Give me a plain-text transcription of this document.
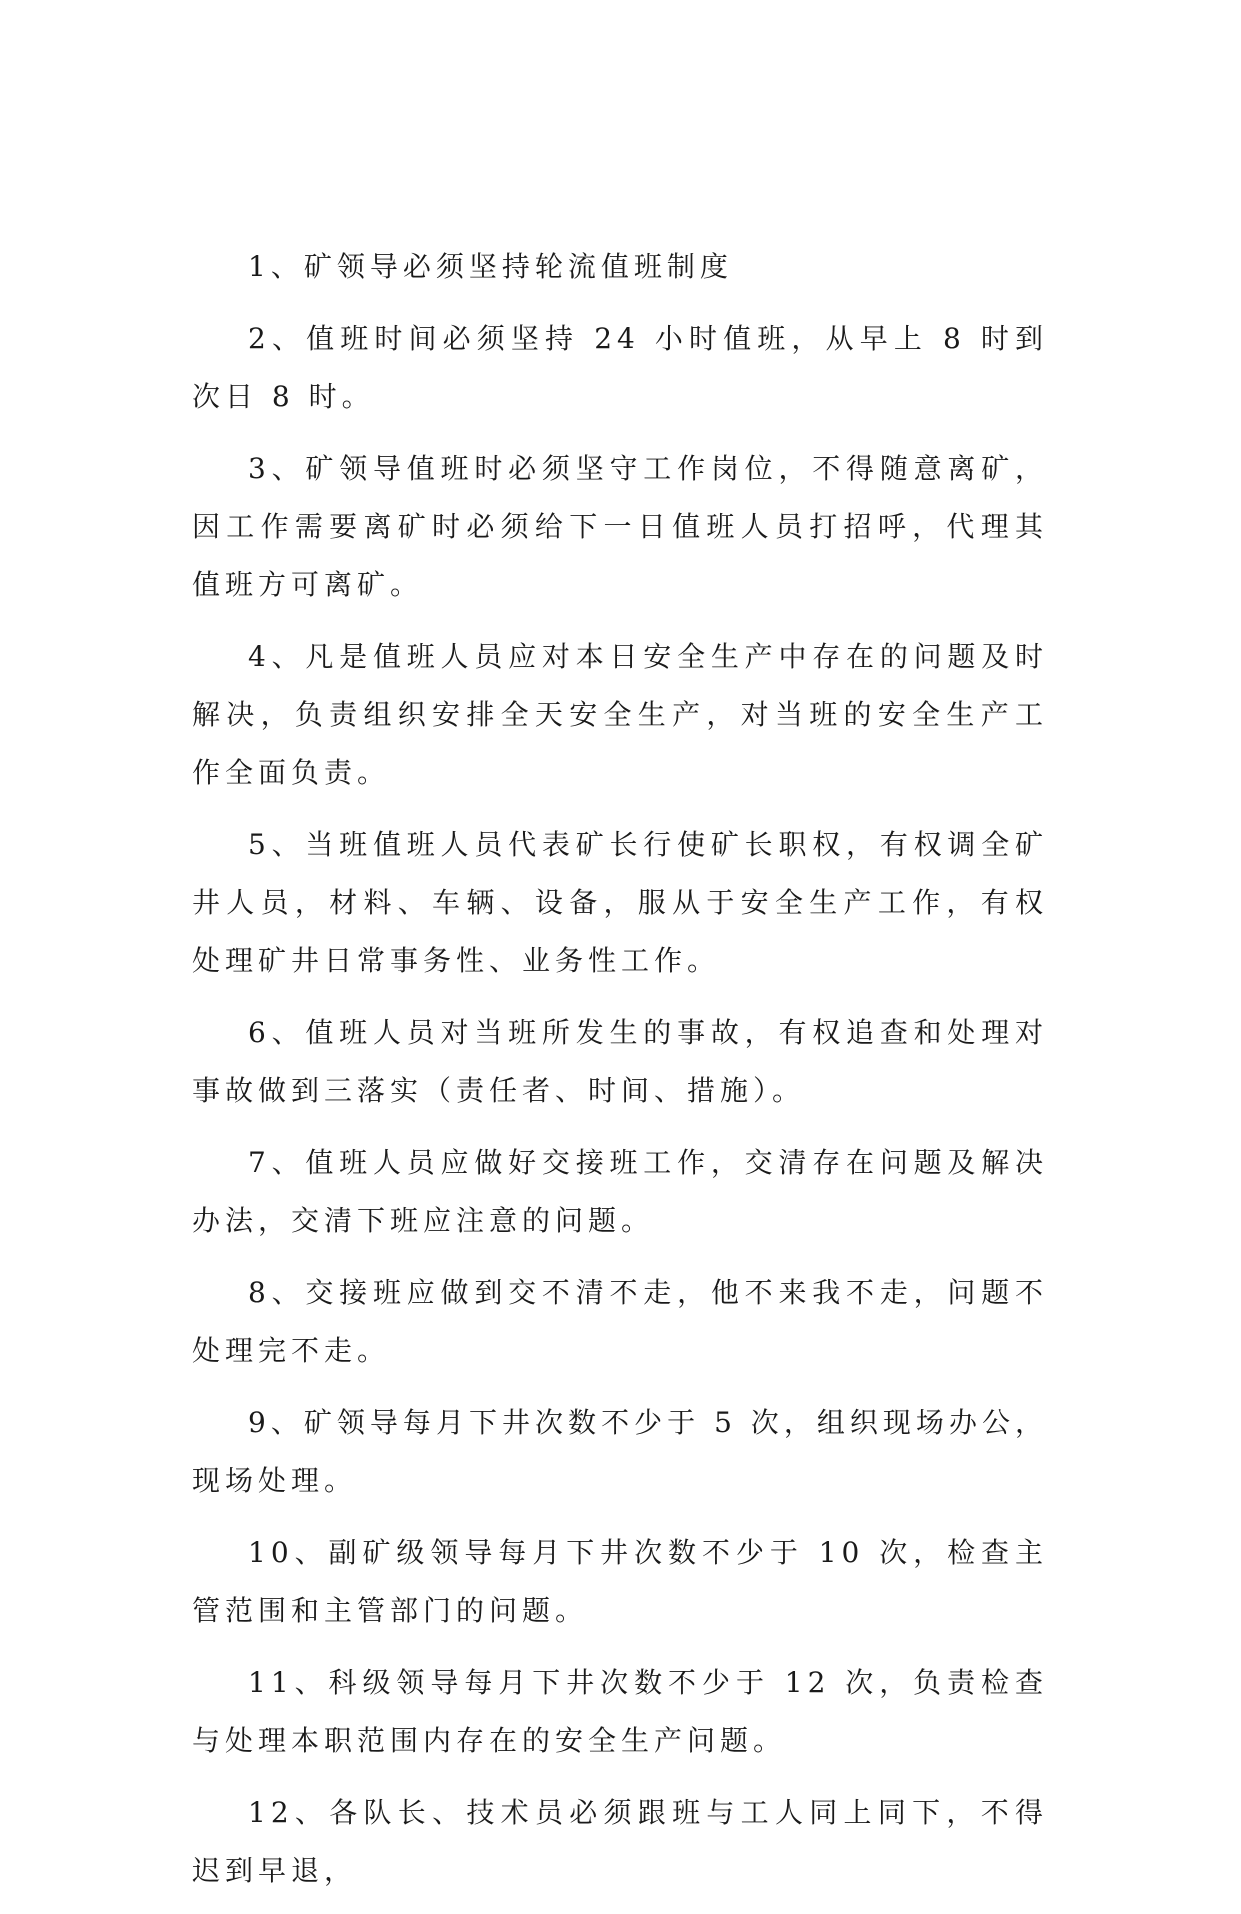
1、矿领导必须坚持轮流值班制度

2、值班时间必须坚持 24 小时值班，从早上 8 时到次日 8 时。

3、矿领导值班时必须坚守工作岗位，不得随意离矿，因工作需要离矿时必须给下一日值班人员打招呼，代理其值班方可离矿。

4、凡是值班人员应对本日安全生产中存在的问题及时解决，负责组织安排全天安全生产，对当班的安全生产工作全面负责。

5、当班值班人员代表矿长行使矿长职权，有权调全矿井人员，材料、车辆、设备，服从于安全生产工作，有权处理矿井日常事务性、业务性工作。

6、值班人员对当班所发生的事故，有权追查和处理对事故做到三落实（责任者、时间、措施）。

7、值班人员应做好交接班工作，交清存在问题及解决办法，交清下班应注意的问题。

8、交接班应做到交不清不走，他不来我不走，问题不处理完不走。

9、矿领导每月下井次数不少于 5 次，组织现场办公，现场处理。

10、副矿级领导每月下井次数不少于 10 次，检查主管范围和主管部门的问题。

11、科级领导每月下井次数不少于 12 次，负责检查与处理本职范围内存在的安全生产问题。

12、各队长、技术员必须跟班与工人同上同下，不得迟到早退，
